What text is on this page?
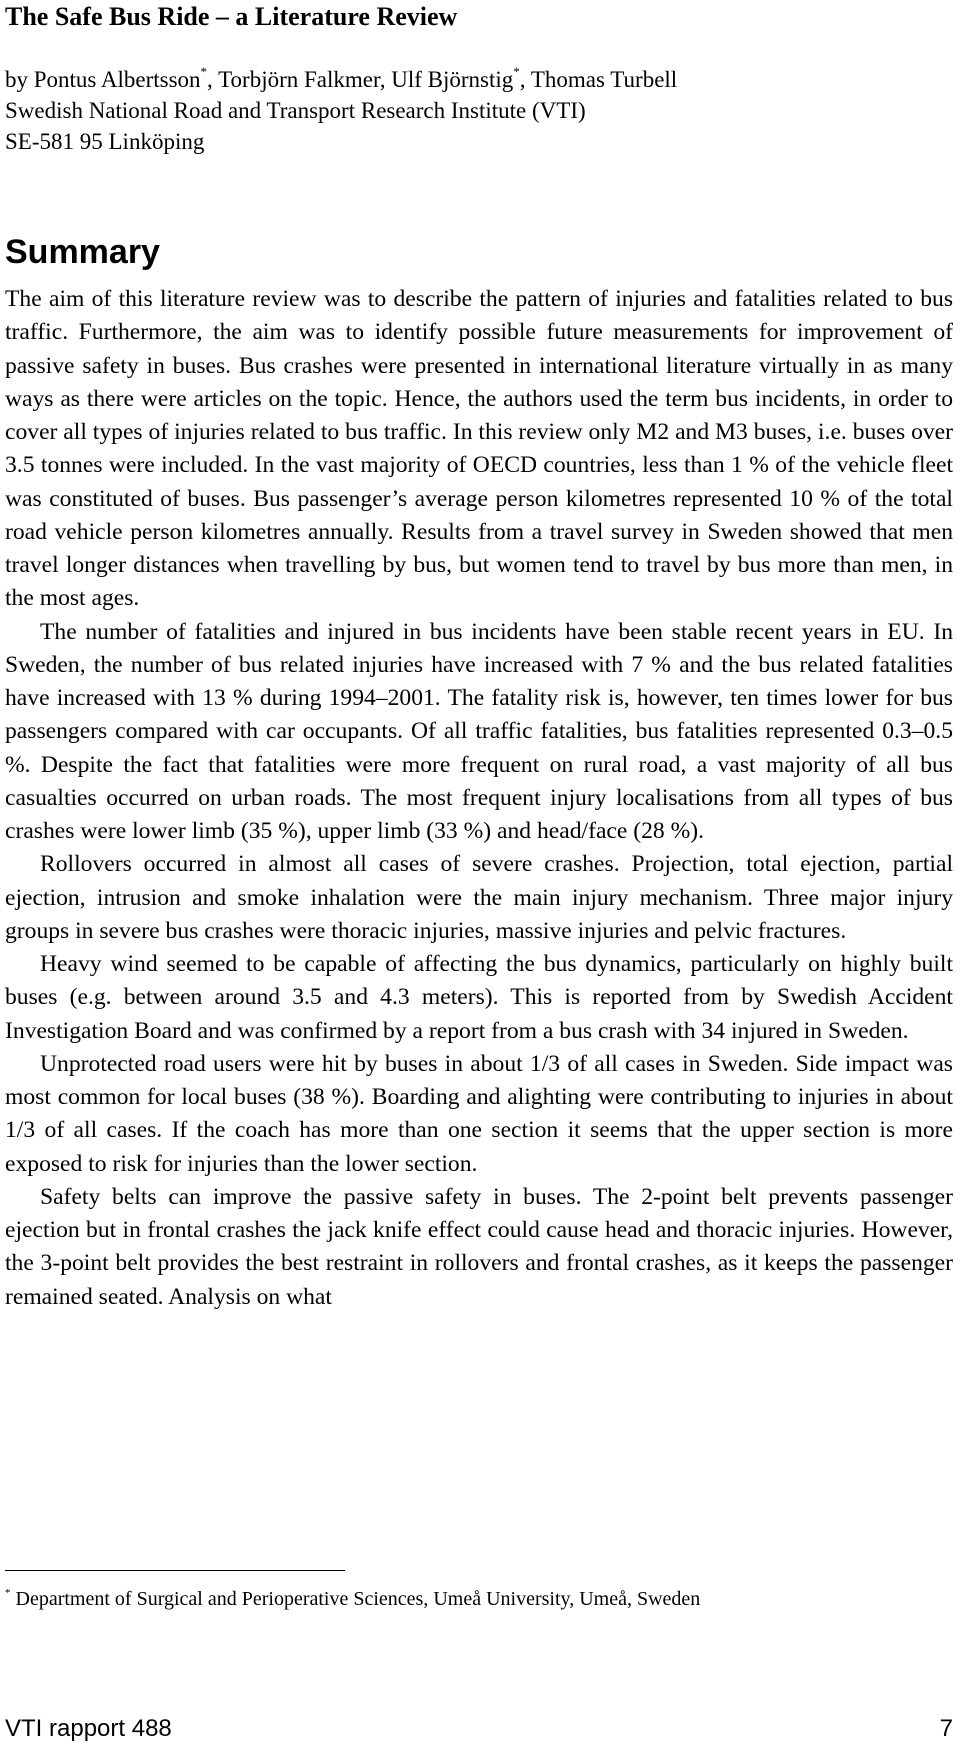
The Safe Bus Ride – a Literature Review
by Pontus Albertsson*, Torbjörn Falkmer, Ulf Björnstig*, Thomas Turbell
Swedish National Road and Transport Research Institute (VTI)
SE-581 95 Linköping
Summary

The aim of this literature review was to describe the pattern of injuries and fatalities related to bus traffic. Furthermore, the aim was to identify possible future measurements for improvement of passive safety in buses. Bus crashes were presented in international literature virtually in as many ways as there were articles on the topic. Hence, the authors used the term bus incidents, in order to cover all types of injuries related to bus traffic. In this review only M2 and M3 buses, i.e. buses over 3.5 tonnes were included. In the vast majority of OECD countries, less than 1 % of the vehicle fleet was constituted of buses. Bus passenger’s average person kilometres represented 10 % of the total road vehicle person kilometres annually. Results from a travel survey in Sweden showed that men travel longer distances when travelling by bus, but women tend to travel by bus more than men, in the most ages.

The number of fatalities and injured in bus incidents have been stable recent years in EU. In Sweden, the number of bus related injuries have increased with 7 % and the bus related fatalities have increased with 13 % during 1994–2001. The fatality risk is, however, ten times lower for bus passengers compared with car occupants. Of all traffic fatalities, bus fatalities represented 0.3–0.5 %. Despite the fact that fatalities were more frequent on rural road, a vast majority of all bus casualties occurred on urban roads. The most frequent injury localisations from all types of bus crashes were lower limb (35 %), upper limb (33 %) and head/face (28 %).

Rollovers occurred in almost all cases of severe crashes. Projection, total ejection, partial ejection, intrusion and smoke inhalation were the main injury mechanism. Three major injury groups in severe bus crashes were thoracic injuries, massive injuries and pelvic fractures.

Heavy wind seemed to be capable of affecting the bus dynamics, particularly on highly built buses (e.g. between around 3.5 and 4.3 meters). This is reported from by Swedish Accident Investigation Board and was confirmed by a report from a bus crash with 34 injured in Sweden.

Unprotected road users were hit by buses in about 1/3 of all cases in Sweden. Side impact was most common for local buses (38 %). Boarding and alighting were contributing to injuries in about 1/3 of all cases. If the coach has more than one section it seems that the upper section is more exposed to risk for injuries than the lower section.

Safety belts can improve the passive safety in buses. The 2-point belt prevents passenger ejection but in frontal crashes the jack knife effect could cause head and thoracic injuries. However, the 3-point belt provides the best restraint in rollovers and frontal crashes, as it keeps the passenger remained seated. Analysis on what

* Department of Surgical and Perioperative Sciences, Umeå University, Umeå, Sweden
VTI rapport 488	7
